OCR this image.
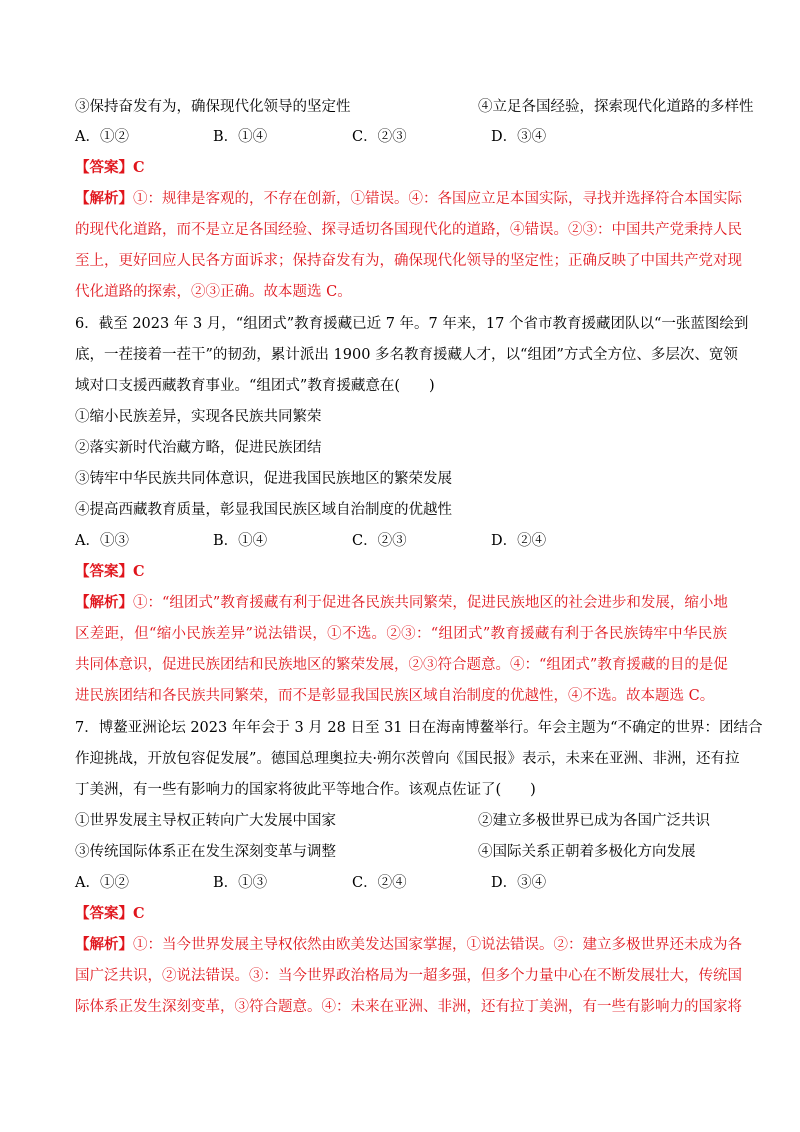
③保持奋发有为，确保现代化领导的坚定性	④立足各国经验，探索现代化道路的多样性
A．①②	B．①④	C．②③	D．③④
【答案】C
【解析】①：规律是客观的，不存在创新，①错误。④：各国应立足本国实际，寻找并选择符合本国实际
的现代化道路，而不是立足各国经验、探寻适切各国现代化的道路，④错误。②③：中国共产党秉持人民
至上，更好回应人民各方面诉求；保持奋发有为，确保现代化领导的坚定性；正确反映了中国共产党对现
代化道路的探索，②③正确。故本题选 C。
6．截至 2023 年 3 月，“组团式”教育援藏已近 7 年。7 年来，17 个省市教育援藏团队以“一张蓝图绘到
底，一茬接着一茬干”的韧劲，累计派出 1900 多名教育援藏人才，以“组团”方式全方位、多层次、宽领
域对口支援西藏教育事业。“组团式”教育援藏意在(　　)
①缩小民族差异，实现各民族共同繁荣
②落实新时代治藏方略，促进民族团结
③铸牢中华民族共同体意识，促进我国民族地区的繁荣发展
④提高西藏教育质量，彰显我国民族区域自治制度的优越性
A．①③	B．①④	C．②③	D．②④
【答案】C
【解析】①：“组团式”教育援藏有利于促进各民族共同繁荣，促进民族地区的社会进步和发展，缩小地
区差距，但“缩小民族差异”说法错误，①不选。②③：“组团式”教育援藏有利于各民族铸牢中华民族
共同体意识，促进民族团结和民族地区的繁荣发展，②③符合题意。④：“组团式”教育援藏的目的是促
进民族团结和各民族共同繁荣，而不是彰显我国民族区域自治制度的优越性，④不选。故本题选 C。
7．博鳌亚洲论坛 2023 年年会于 3 月 28 日至 31 日在海南博鳌举行。年会主题为“不确定的世界：团结合
作迎挑战，开放包容促发展”。德国总理奥拉夫·朔尔茨曾向《国民报》表示，未来在亚洲、非洲，还有拉
丁美洲，有一些有影响力的国家将彼此平等地合作。该观点佐证了(　　)
①世界发展主导权正转向广大发展中国家	②建立多极世界已成为各国广泛共识
③传统国际体系正在发生深刻变革与调整	④国际关系正朝着多极化方向发展
A．①②	B．①③	C．②④	D．③④
【答案】C
【解析】①：当今世界发展主导权依然由欧美发达国家掌握，①说法错误。②：建立多极世界还未成为各
国广泛共识，②说法错误。③：当今世界政治格局为一超多强，但多个力量中心在不断发展壮大，传统国
际体系正发生深刻变革，③符合题意。④：未来在亚洲、非洲，还有拉丁美洲，有一些有影响力的国家将
